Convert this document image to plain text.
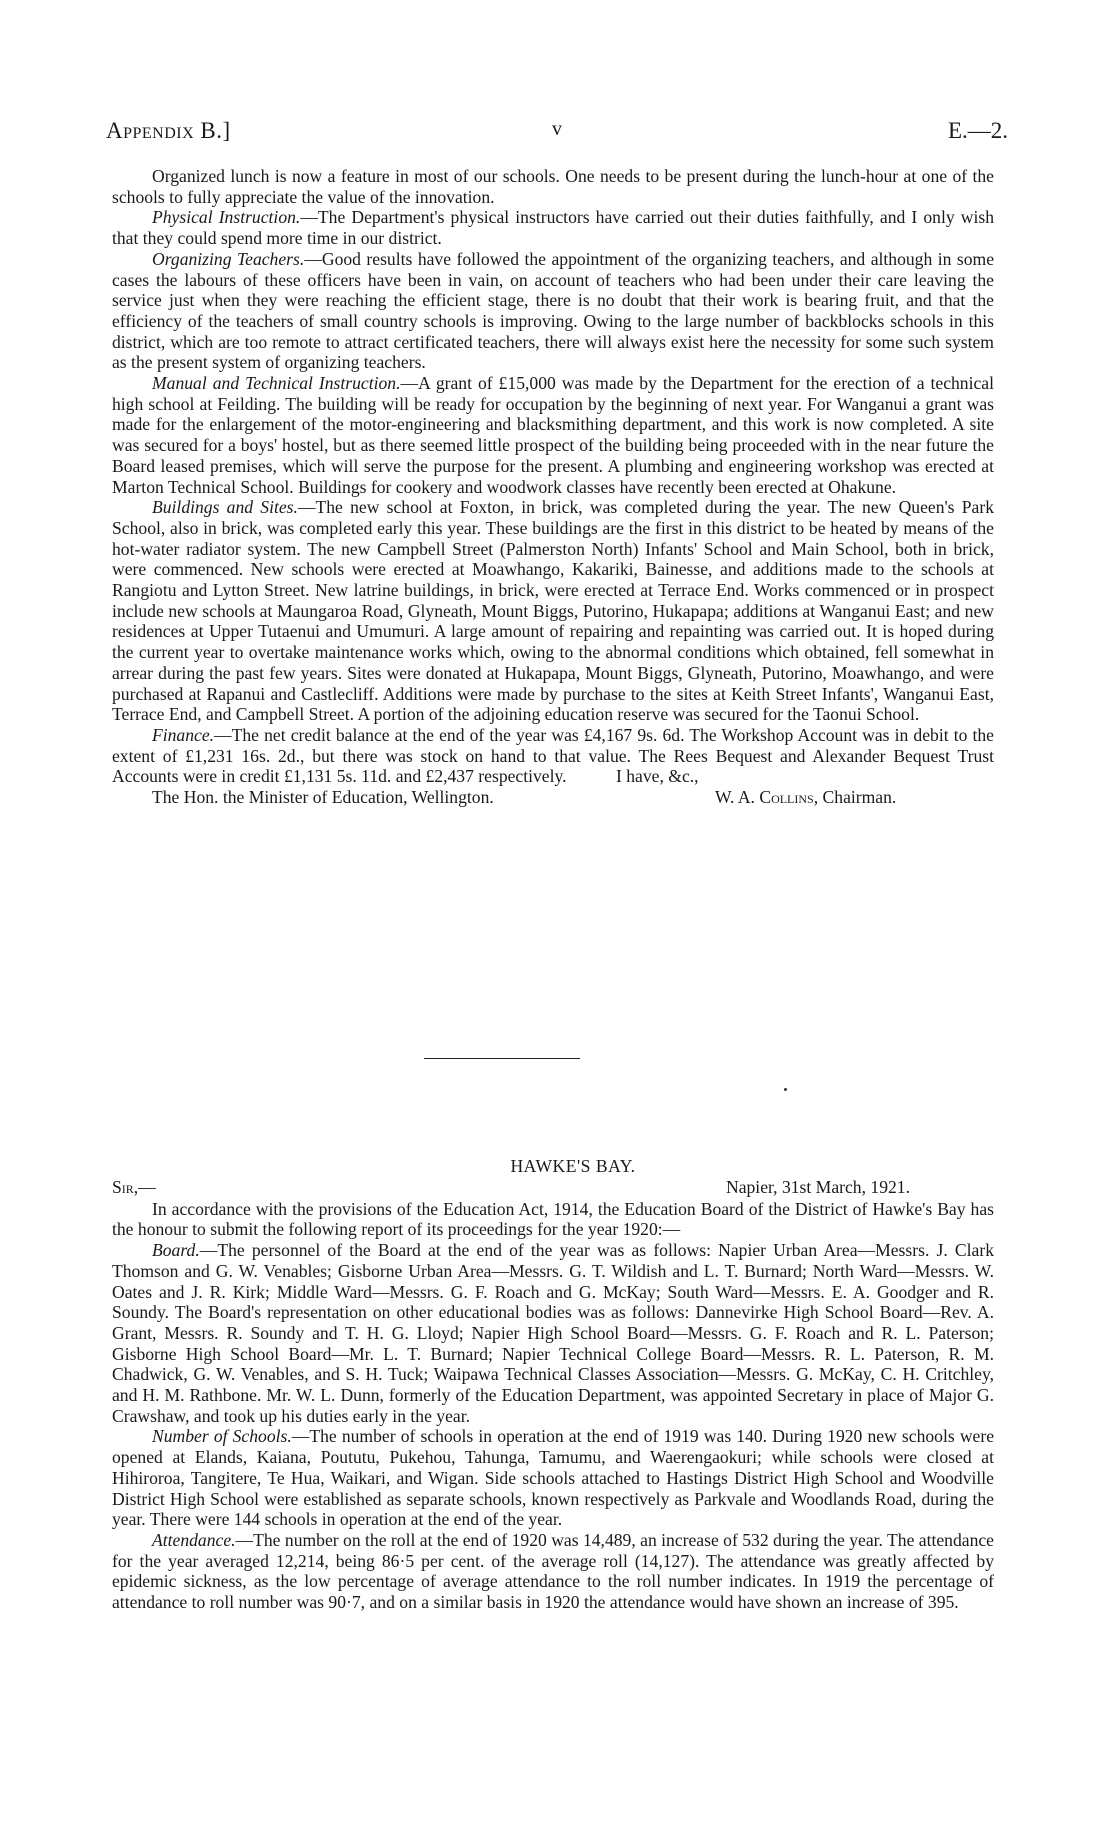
Appendix B.]	v	E.—2.

Organized lunch is now a feature in most of our schools. One needs to be present during the lunch-hour at one of the schools to fully appreciate the value of the innovation.

Physical Instruction.—The Department's physical instructors have carried out their duties faithfully, and I only wish that they could spend more time in our district.

Organizing Teachers.—Good results have followed the appointment of the organizing teachers, and although in some cases the labours of these officers have been in vain, on account of teachers who had been under their care leaving the service just when they were reaching the efficient stage, there is no doubt that their work is bearing fruit, and that the efficiency of the teachers of small country schools is improving. Owing to the large number of backblocks schools in this district, which are too remote to attract certificated teachers, there will always exist here the necessity for some such system as the present system of organizing teachers.

Manual and Technical Instruction.—A grant of £15,000 was made by the Department for the erection of a technical high school at Feilding. The building will be ready for occupation by the beginning of next year. For Wanganui a grant was made for the enlargement of the motor-engineering and blacksmithing department, and this work is now completed. A site was secured for a boys' hostel, but as there seemed little prospect of the building being proceeded with in the near future the Board leased premises, which will serve the purpose for the present. A plumbing and engineering workshop was erected at Marton Technical School. Buildings for cookery and woodwork classes have recently been erected at Ohakune.

Buildings and Sites.—The new school at Foxton, in brick, was completed during the year. The new Queen's Park School, also in brick, was completed early this year. These buildings are the first in this district to be heated by means of the hot-water radiator system. The new Campbell Street (Palmerston North) Infants' School and Main School, both in brick, were commenced. New schools were erected at Moawhango, Kakariki, Bainesse, and additions made to the schools at Rangiotu and Lytton Street. New latrine buildings, in brick, were erected at Terrace End. Works commenced or in prospect include new schools at Maungaroa Road, Glyneath, Mount Biggs, Putorino, Hukapapa; additions at Wanganui East; and new residences at Upper Tutaenui and Umumuri. A large amount of repairing and repainting was carried out. It is hoped during the current year to overtake maintenance works which, owing to the abnormal conditions which obtained, fell somewhat in arrear during the past few years. Sites were donated at Hukapapa, Mount Biggs, Glyneath, Putorino, Moawhango, and were purchased at Rapanui and Castlecliff. Additions were made by purchase to the sites at Keith Street Infants', Wanganui East, Terrace End, and Campbell Street. A portion of the adjoining education reserve was secured for the Taonui School.

Finance.—The net credit balance at the end of the year was £4,167 9s. 6d. The Workshop Account was in debit to the extent of £1,231 16s. 2d., but there was stock on hand to that value. The Rees Bequest and Alexander Bequest Trust Accounts were in credit £1,131 5s. 11d. and £2,437 respectively.	I have, &c.,
The Hon. the Minister of Education, Wellington.	W. A. Collins, Chairman.

HAWKE'S BAY.

Sir,—	Napier, 31st March, 1921.

In accordance with the provisions of the Education Act, 1914, the Education Board of the District of Hawke's Bay has the honour to submit the following report of its proceedings for the year 1920:—

Board.—The personnel of the Board at the end of the year was as follows: Napier Urban Area—Messrs. J. Clark Thomson and G. W. Venables; Gisborne Urban Area—Messrs. G. T. Wildish and L. T. Burnard; North Ward—Messrs. W. Oates and J. R. Kirk; Middle Ward—Messrs. G. F. Roach and G. McKay; South Ward—Messrs. E. A. Goodger and R. Soundy. The Board's representation on other educational bodies was as follows: Dannevirke High School Board—Rev. A. Grant, Messrs. R. Soundy and T. H. G. Lloyd; Napier High School Board—Messrs. G. F. Roach and R. L. Paterson; Gisborne High School Board—Mr. L. T. Burnard; Napier Technical College Board—Messrs. R. L. Paterson, R. M. Chadwick, G. W. Venables, and S. H. Tuck; Waipawa Technical Classes Association—Messrs. G. McKay, C. H. Critchley, and H. M. Rathbone. Mr. W. L. Dunn, formerly of the Education Department, was appointed Secretary in place of Major G. Crawshaw, and took up his duties early in the year.

Number of Schools.—The number of schools in operation at the end of 1919 was 140. During 1920 new schools were opened at Elands, Kaiana, Poututu, Pukehou, Tahunga, Tamumu, and Waerengaokuri; while schools were closed at Hihiroroa, Tangitere, Te Hua, Waikari, and Wigan. Side schools attached to Hastings District High School and Woodville District High School were established as separate schools, known respectively as Parkvale and Woodlands Road, during the year. There were 144 schools in operation at the end of the year.

Attendance.—The number on the roll at the end of 1920 was 14,489, an increase of 532 during the year. The attendance for the year averaged 12,214, being 86·5 per cent. of the average roll (14,127). The attendance was greatly affected by epidemic sickness, as the low percentage of average attendance to the roll number indicates. In 1919 the percentage of attendance to roll number was 90·7, and on a similar basis in 1920 the attendance would have shown an increase of 395.
